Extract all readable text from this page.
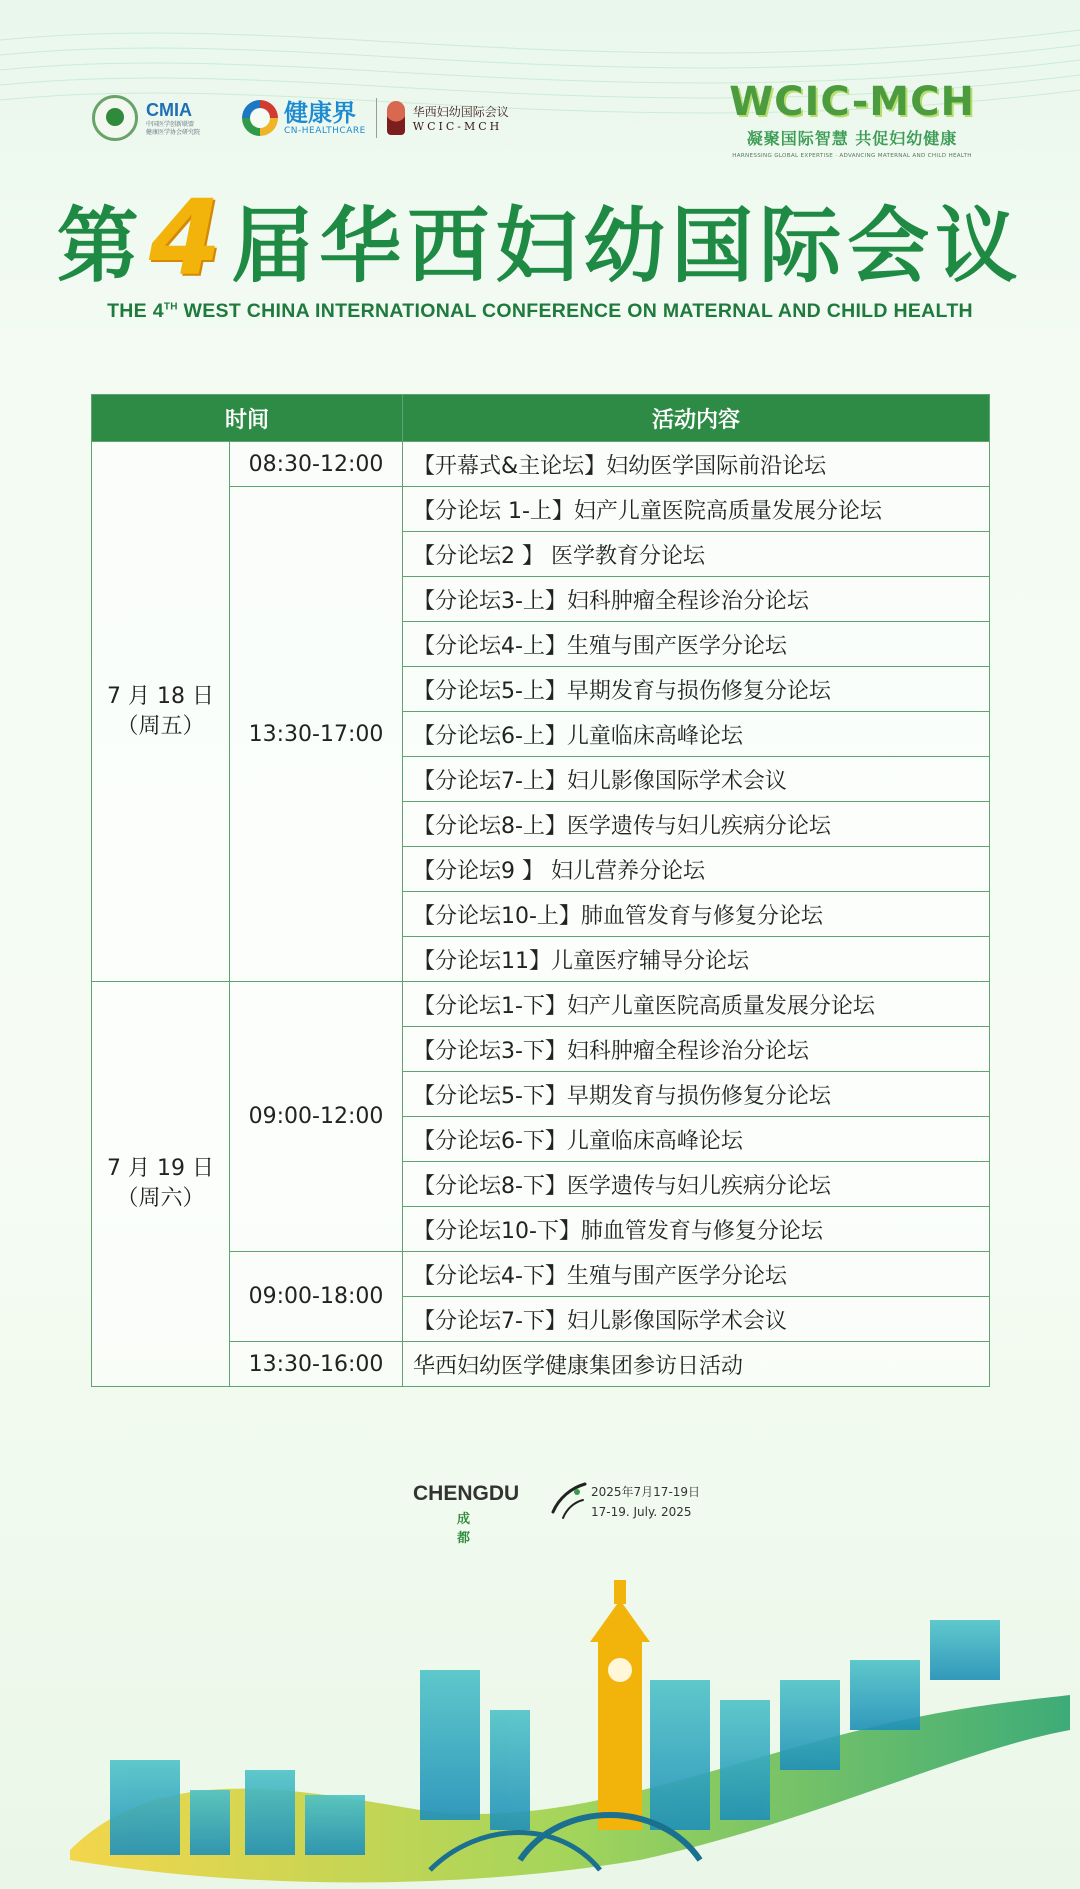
CMIA
中国医学创新联盟
健康医学协会研究院
健康界
CN-HEALTHCARE
华西妇幼国际会议
WCIC-MCH
WCIC-MCH
凝聚国际智慧 共促妇幼健康
HARNESSING GLOBAL EXPERTISE · ADVANCING MATERNAL AND CHILD HEALTH
第4届华西妇幼国际会议
THE 4TH WEST CHINA INTERNATIONAL CONFERENCE ON MATERNAL AND CHILD HEALTH
时间		活动内容

7 月 18 日
（周五）	08:30-12:00	【开幕式&主论坛】妇幼医学国际前沿论坛
	13:30-17:00	【分论坛 1-上】妇产儿童医院高质量发展分论坛
		【分论坛2 】 医学教育分论坛
		【分论坛3-上】妇科肿瘤全程诊治分论坛
		【分论坛4-上】生殖与围产医学分论坛
		【分论坛5-上】早期发育与损伤修复分论坛
		【分论坛6-上】儿童临床高峰论坛
		【分论坛7-上】妇儿影像国际学术会议
		【分论坛8-上】医学遗传与妇儿疾病分论坛
		【分论坛9 】 妇儿营养分论坛
		【分论坛10-上】肺血管发育与修复分论坛
		【分论坛11】儿童医疗辅导分论坛

7 月 19 日
（周六）	09:00-12:00	【分论坛1-下】妇产儿童医院高质量发展分论坛
		【分论坛3-下】妇科肿瘤全程诊治分论坛
		【分论坛5-下】早期发育与损伤修复分论坛
		【分论坛6-下】儿童临床高峰论坛
		【分论坛8-下】医学遗传与妇儿疾病分论坛
		【分论坛10-下】肺血管发育与修复分论坛
	09:00-18:00	【分论坛4-下】生殖与围产医学分论坛
		【分论坛7-下】妇儿影像国际学术会议
	13:30-16:00	华西妇幼医学健康集团参访日活动
CHENGDU
成都
2025年7月17-19日
17-19. July. 2025
